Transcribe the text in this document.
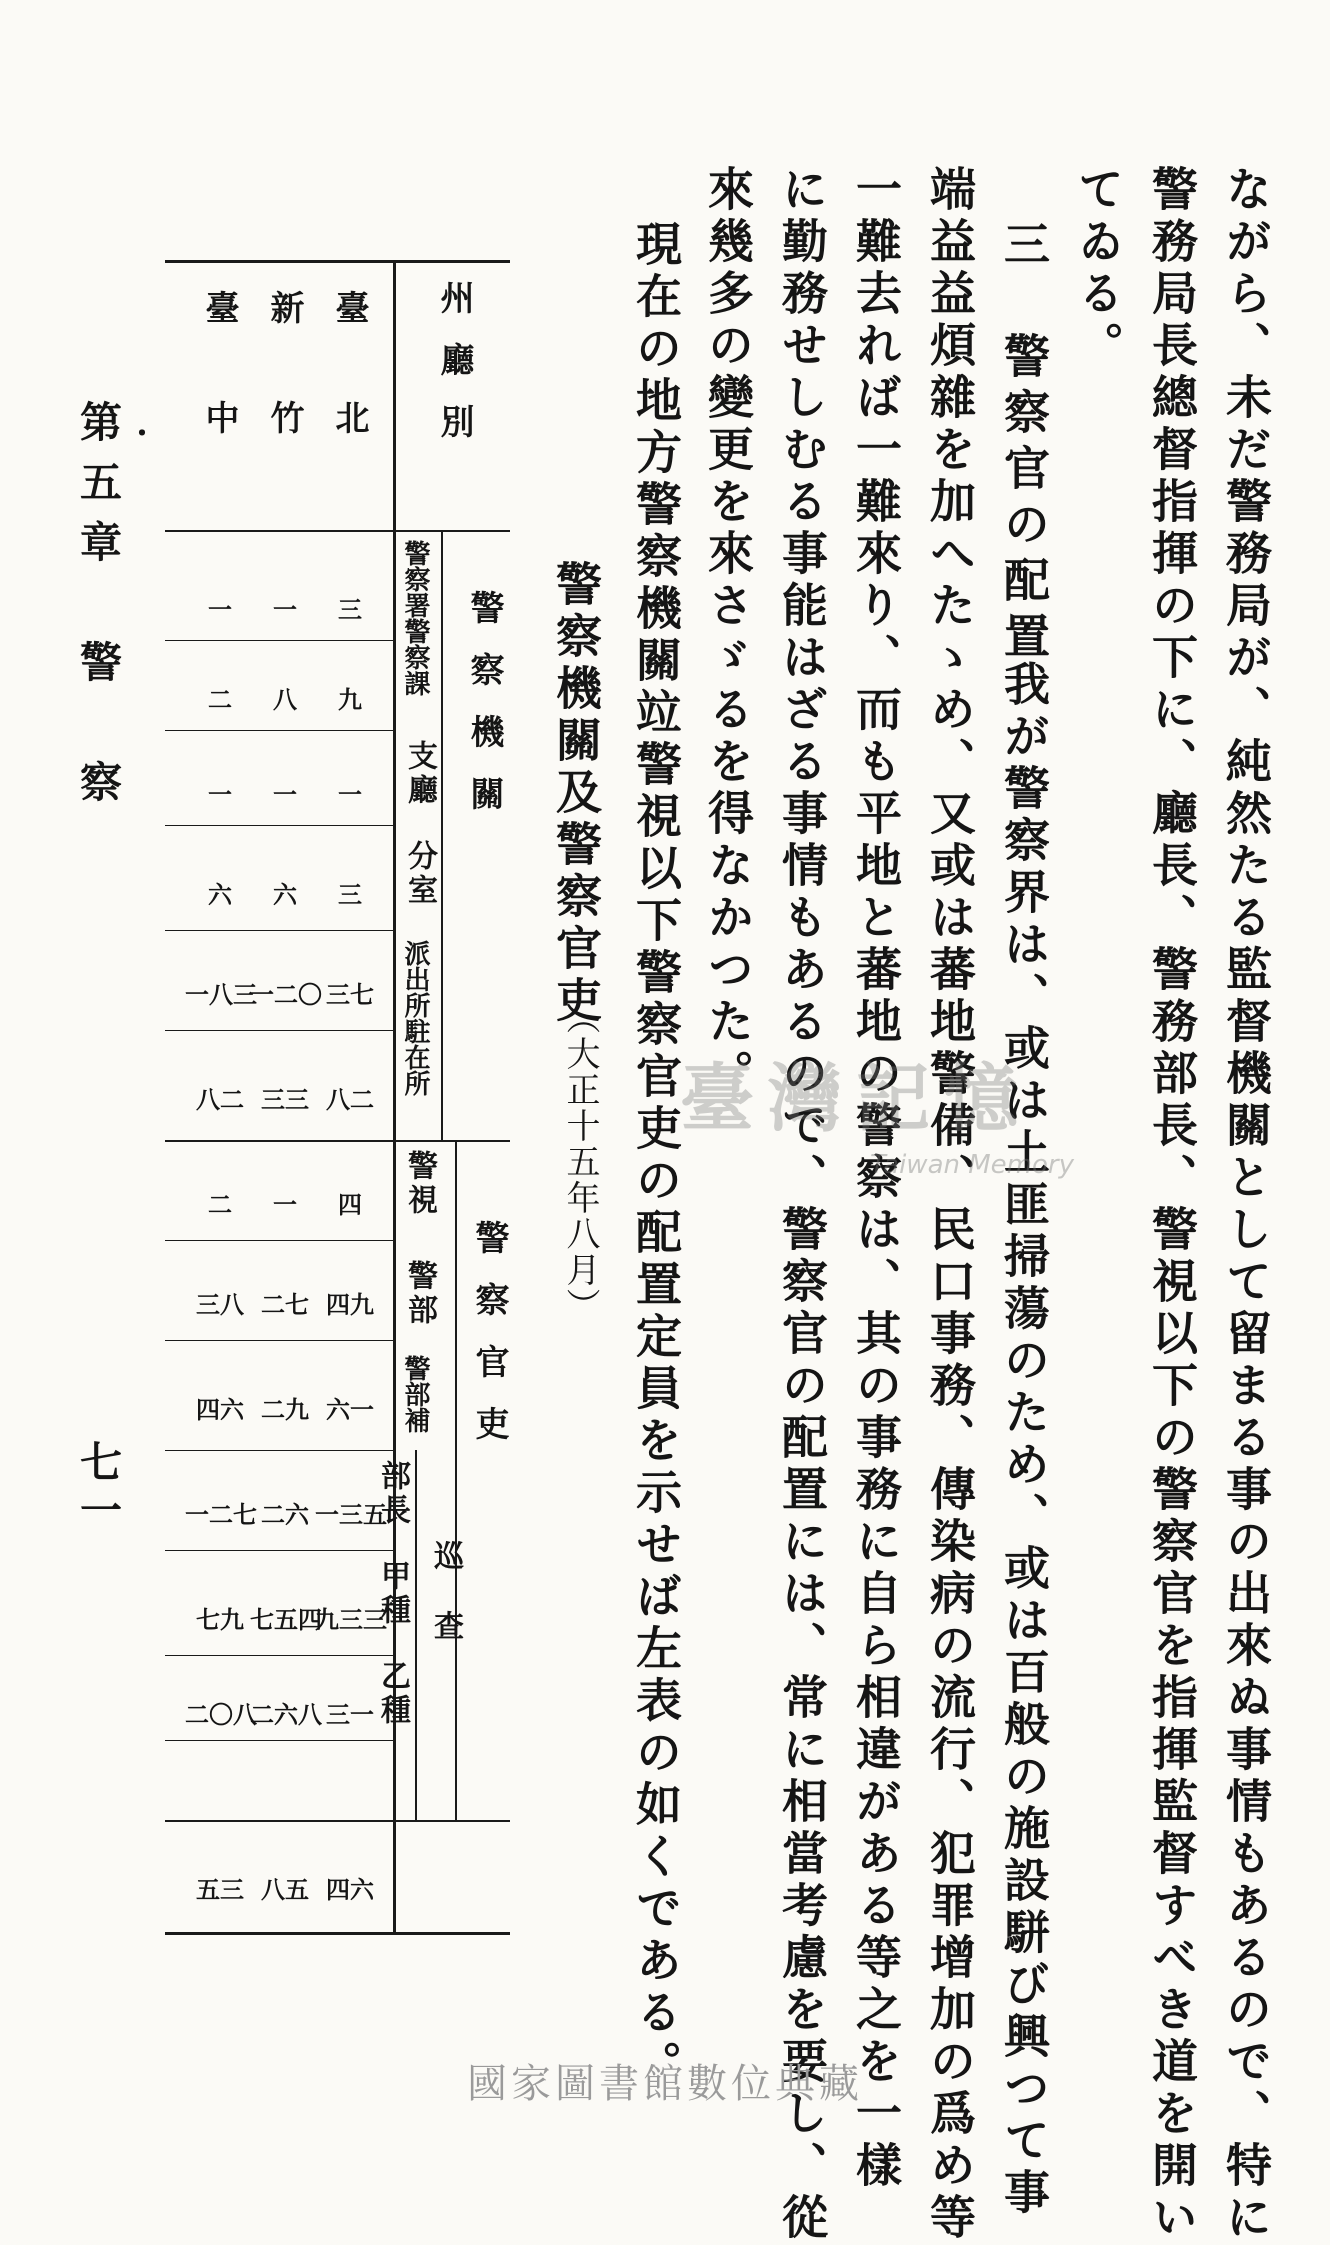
ながら、未だ警務局が、純然たる監督機關として留まる事の出來ぬ事情もあるので、特に
警務局長總督指揮の下に、廳長、警務部長、警視以下の警察官を指揮監督すべき道を開い
てゐる。
三　警察官の配置
我が警察界は、或は土匪掃蕩のため、或は百般の施設駢び興つて事
端益益煩雜を加へたゝめ、又或は蕃地警備、民口事務、傳染病の流行、犯罪增加の爲め等
一難去れば一難來り、而も平地と蕃地の警察は、其の事務に自ら相違がある等之を一樣
に勤務せしむる事能はざる事情もあるので、警察官の配置には、常に相當考慮を要し、從
來幾多の變更を來さゞるを得なかつた。
現在の地方警察機關竝警視以下警察官吏の配置定員を示せば左表の如くである。
警察機關及警察官吏
（大正十五年八月）
州廳別
警察機關
警察官吏
巡查
警察署警察課
支廳
分室
派出所駐在所
警視
警部
警部補
部長
甲種
乙種
臺北
新竹
臺中
三
九
一
三
三七
八二
四
四九
六一
一三五
九三三
三一
四六
一
八
一
六
一二〇
三三
一
二七
二九
二六
七五四
二六八
八五
一
二
一
六
一八三
八二
二
三八
四六
一二七
七九
二〇八
五三
第五章　警　察
七一
・
臺灣記憶
Taiwan Memory
國家圖書館數位典藏
